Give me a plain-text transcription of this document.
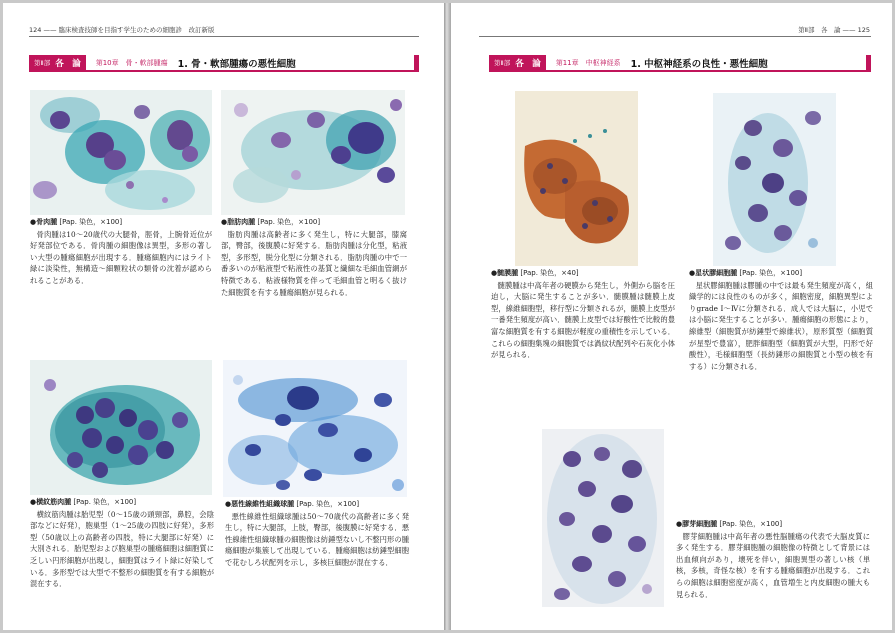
124 —— 臨床検査技師を目指す学生のための細胞診　改訂新版
第Ⅱ部 各　論 第10章　骨・軟部腫瘍 1. 骨・軟部腫瘍の悪性細胞
●骨肉腫 [Pap. 染色，×100]
骨肉腫は10～20歳代の大腿骨，脛骨，上腕骨近位が好発部位である．骨肉腫の細胞像は異型，多形の著しい大型の腫瘍細胞が出現する．腫瘍細胞内にはライト緑に淡染性，無構造～細顆粒状の類骨の沈着が認められることがある．
●脂肪肉腫 [Pap. 染色，×100]
脂肪肉腫は高齢者に多く発生し，特に大腿部，膝窩部，臀部，後腹膜に好発する．脂肪肉腫は分化型，粘液型，多形型，脱分化型に分類される．脂肪肉腫の中で一番多いのが粘液型で粘液性の基質と繊細な毛細血管網が特徴である．粘液様物質を伴って毛細血管と明るく抜けた細胞質を有する腫瘍細胞が見られる．
●横紋筋肉腫 [Pap. 染色，×100]
横紋筋肉腫は胎児型（0～15歳の頭頸部，鼻腔，会陰部などに好発），胞巣型（1～25歳の四肢に好発），多形型（50歳以上の高齢者の四肢，特に大腿部に好発）に大別される．胎児型および胞巣型の腫瘍細胞は細胞質に乏しい円形細胞が出現し，細胞質はライト緑に好染している．多形型では大型で不整形の細胞質を有する細胞が混在する．
●悪性線維性組織球腫 [Pap. 染色，×100]
悪性線維性組織球腫は50～70歳代の高齢者に多く発生し，特に大腿部，上肢，臀部，後腹膜に好発する．悪性線維性組織球腫の細胞像は紡錘型ないし不整円形の腫瘍細胞が集簇して出現している．腫瘍細胞は紡錘型細胞で花むしろ状配列を示し，多核巨細胞が混在する．
第Ⅱ部　各　論 —— 125
第Ⅱ部 各　論 第11章　中枢神経系 1. 中枢神経系の良性・悪性細胞
●髄膜腫 [Pap. 染色，×40]
髄膜腫は中高年者の硬膜から発生し，外側から脳を圧迫し，大脳に発生することが多い．髄膜腫は髄膜上皮型，線維細胞型，移行型に分類されるが，髄膜上皮型が一番発生頻度が高い．髄膜上皮型では好酸性で比較的豊富な細胞質を有する細胞が軽度の重積性を示している．これらの細胞集塊の細胞質では渦紋状配列や石灰化小体が見られる．
●星状膠細胞腫 [Pap. 染色，×100]
星状膠細胞腫は膠腫の中では最も発生頻度が高く，組織学的には良性のものが多く，細胞密度，細胞異型によりgrade Ⅰ～Ⅳに分類される．成人では大脳に，小児では小脳に発生することが多い．腫瘍細胞の形態により，線維型（細胞質が紡錘型で線維状），原形質型（細胞質が星型で豊富），肥胖細胞型（細胞質が大型，円形で好酸性），毛様細胞型（長紡錘形の細胞質と小型の核を有する）に分類される．
●膠芽細胞腫 [Pap. 染色，×100]
膠芽細胞腫は中高年者の悪性脳腫瘍の代表で大脳皮質に多く発生する．膠芽細胞腫の細胞像の特徴として背景には出血傾向があり，壊死を伴い，細胞異型の著しい核（単核，多核，奇怪な核）を有する腫瘍細胞が出現する．これらの細胞は細胞密度が高く，血管増生と内皮細胞の腫大も見られる．
